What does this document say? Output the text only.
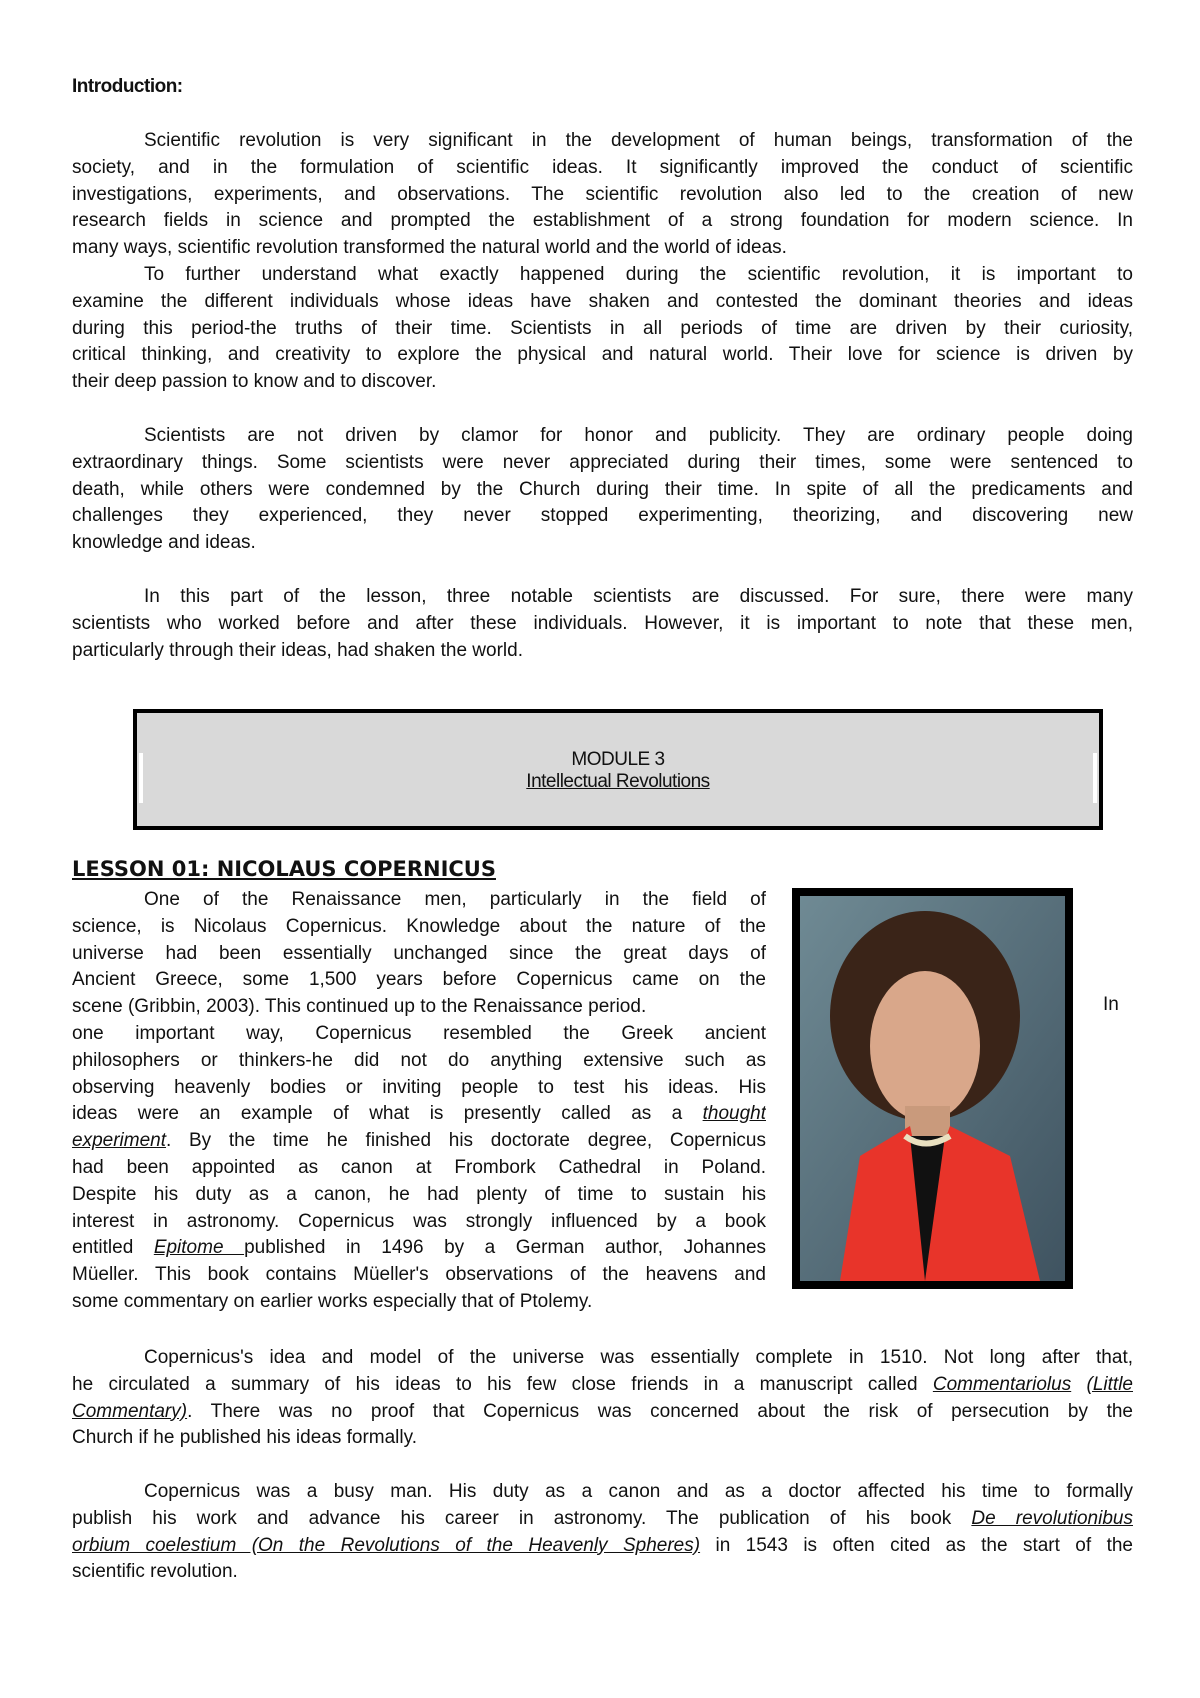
Introduction:
Scientific revolution is very significant in the development of human beings, transformation of the
society, and in the formulation of scientific ideas. It significantly improved the conduct of scientific
investigations, experiments, and observations. The scientific revolution also led to the creation of new
research fields in science and prompted the establishment of a strong foundation for modern science. In
many ways, scientific revolution transformed the natural world and the world of ideas.
To further understand what exactly happened during the scientific revolution, it is important to
examine the different individuals whose ideas have shaken and contested the dominant theories and ideas
during this period-the truths of their time. Scientists in all periods of time are driven by their curiosity,
critical thinking, and creativity to explore the physical and natural world. Their love for science is driven by
their deep passion to know and to discover.
Scientists are not driven by clamor for honor and publicity. They are ordinary people doing
extraordinary things. Some scientists were never appreciated during their times, some were sentenced to
death, while others were condemned by the Church during their time. In spite of all the predicaments and
challenges they experienced, they never stopped experimenting, theorizing, and discovering new
knowledge and ideas.
In this part of the lesson, three notable scientists are discussed. For sure, there were many
scientists who worked before and after these individuals. However, it is important to note that these men,
particularly through their ideas, had shaken the world.
MODULE 3
Intellectual Revolutions
LESSON 01: NICOLAUS COPERNICUS
One of the Renaissance men, particularly in the field of
science, is Nicolaus Copernicus. Knowledge about the nature of the
universe had been essentially unchanged since the great days of
Ancient Greece, some 1,500 years before Copernicus came on the
scene (Gribbin, 2003). This continued up to the Renaissance period.
one important way, Copernicus resembled the Greek ancient
philosophers or thinkers-he did not do anything extensive such as
observing heavenly bodies or inviting people to test his ideas. His
ideas were an example of what is presently called as a thought
experiment. By the time he finished his doctorate degree, Copernicus
had been appointed as canon at Frombork Cathedral in Poland.
Despite his duty as a canon, he had plenty of time to sustain his
interest in astronomy. Copernicus was strongly influenced by a book
entitled Epitome published in 1496 by a German author, Johannes
Müeller. This book contains Müeller's observations of the heavens and
some commentary on earlier works especially that of Ptolemy.
In
Copernicus's idea and model of the universe was essentially complete in 1510. Not long after that,
he circulated a summary of his ideas to his few close friends in a manuscript called Commentariolus (Little
Commentary). There was no proof that Copernicus was concerned about the risk of persecution by the
Church if he published his ideas formally.
Copernicus was a busy man. His duty as a canon and as a doctor affected his time to formally
publish his work and advance his career in astronomy. The publication of his book De revolutionibus
orbium coelestium (On the Revolutions of the Heavenly Spheres) in 1543 is often cited as the start of the
scientific revolution.
